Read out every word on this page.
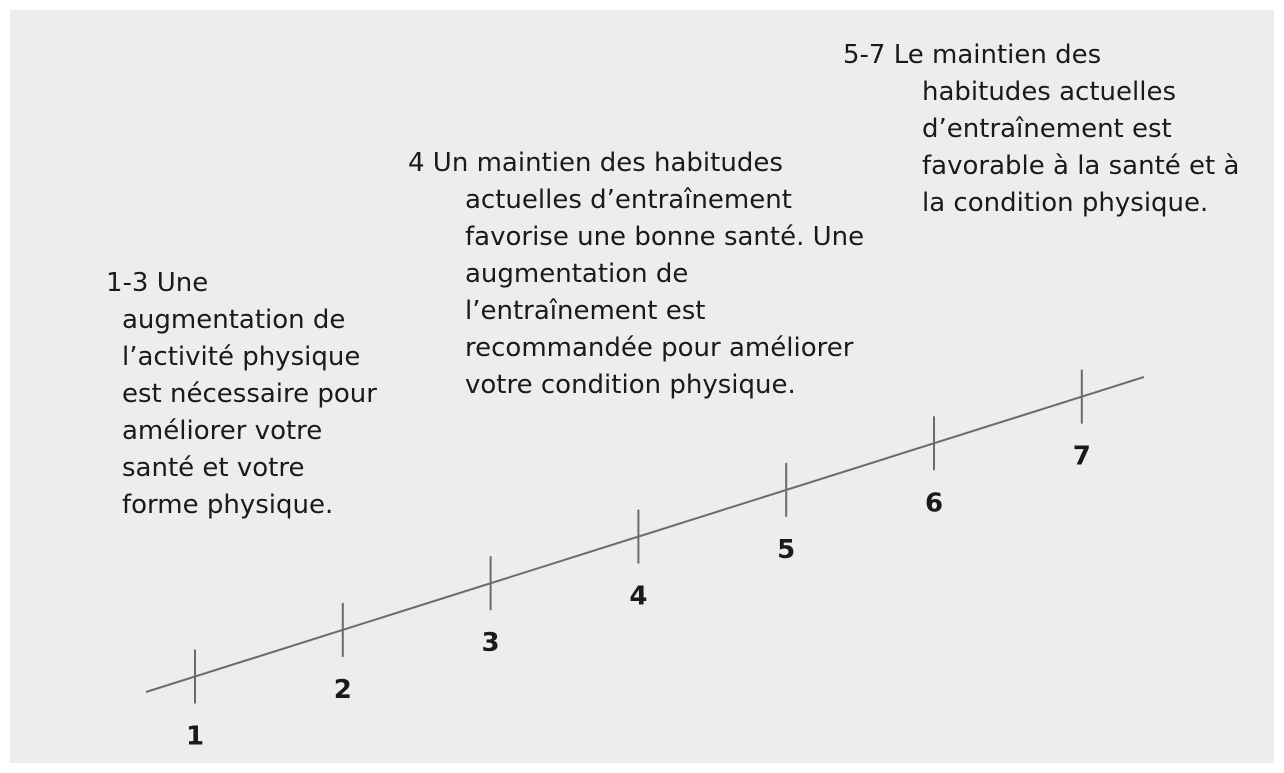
1
2
3
4
5
6
7
1-3 Une
augmentation de l’activité physique est nécessaire pour améliorer votre santé et votre forme physique.
4 Un maintien des habitudes
actuelles d’entraînement favorise une bonne santé. Une augmentation de l’entraînement est recommandée pour améliorer votre condition physique.
5-7 Le maintien des
habitudes actuelles d’entraînement est favorable à la santé et à la condition physique.
